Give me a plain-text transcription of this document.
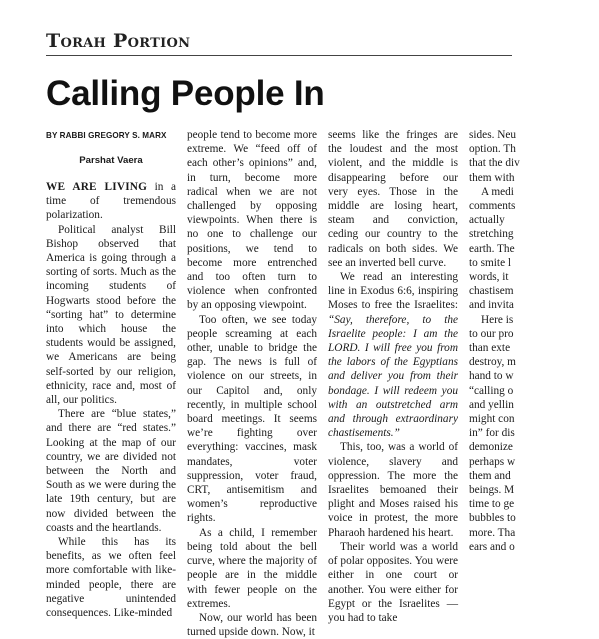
Torah Portion
Calling People In
BY RABBI GREGORY S. MARX
Parshat Vaera

WE ARE LIVING in a time of tremendous polarization.

Political analyst Bill Bishop observed that America is going through a sorting of sorts. Much as the incoming students of Hogwarts stood before the “sorting hat” to determine into which house the students would be assigned, we Americans are being self-sorted by our religion, ethnicity, race and, most of all, our politics.

There are “blue states,” and there are “red states.” Looking at the map of our country, we are divided not between the North and South as we were during the late 19th century, but are now divided between the coasts and the heartlands.

While this has its benefits, as we often feel more comfortable with like-minded people, there are negative unintended consequences. Like-minded

people tend to become more extreme. We “feed off of each other’s opinions” and, in turn, become more radical when we are not challenged by opposing viewpoints. When there is no one to challenge our positions, we tend to become more entrenched and too often turn to violence when confronted by an opposing viewpoint.

Too often, we see today people screaming at each other, unable to bridge the gap. The news is full of violence on our streets, in our Capitol and, only recently, in multiple school board meetings. It seems we’re fighting over everything: vaccines, mask mandates, voter suppression, voter fraud, CRT, antisemitism and women’s reproductive rights.

As a child, I remember being told about the bell curve, where the majority of people are in the middle with fewer people on the extremes.

Now, our world has been turned upside down. Now, it

seems like the fringes are the loudest and the most violent, and the middle is disappearing before our very eyes. Those in the middle are losing heart, steam and conviction, ceding our country to the radicals on both sides. We see an inverted bell curve.

We read an interesting line in Exodus 6:6, inspiring Moses to free the Israelites: “Say, therefore, to the Israelite people: I am the LORD. I will free you from the labors of the Egyptians and deliver you from their bondage. I will redeem you with an outstretched arm and through extraordinary chastisements.”

This, too, was a world of violence, slavery and oppression. The more the Israelites bemoaned their plight and Moses raised his voice in protest, the more Pharaoh hardened his heart.

Their world was a world of polar opposites. You were either in one court or another. You were either for Egypt or the Israelites — you had to take

sides. Neu
option. Th
that the div
them with
A medi
comments
actually
stretching
earth. The
to smite l
words, it
chastisem
and invita
Here is
to our pro
than exte
destroy, m
hand to w
“calling o
and yellin
might con
in” for dis
demonize
perhaps w
them and
beings. M
time to ge
bubbles to
more. Tha
ears and o
